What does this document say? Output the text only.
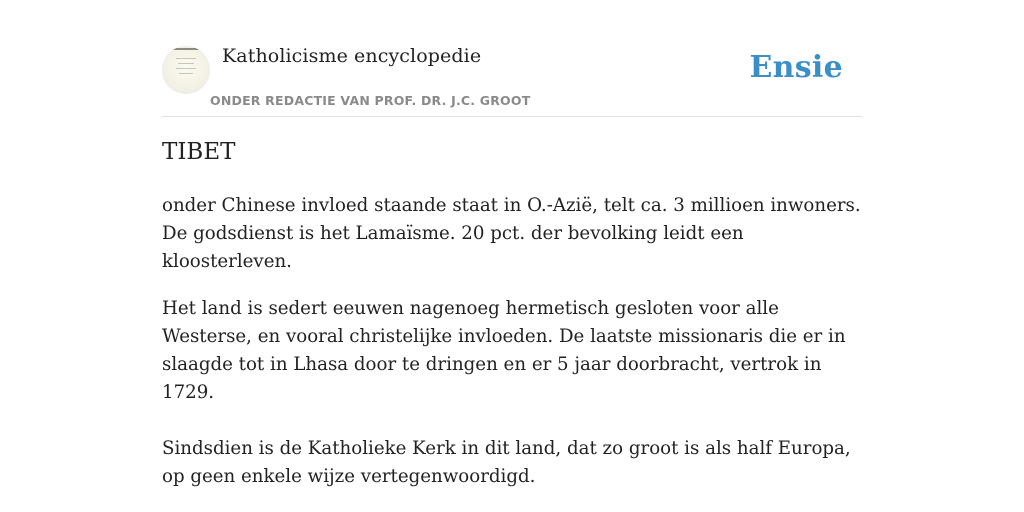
Katholicisme encyclopedie
ONDER REDACTIE VAN PROF. DR. J.C. GROOT
Ensie
TIBET

onder Chinese invloed staande staat in O.-Azië, telt ca. 3 millioen inwoners. De godsdienst is het Lamaïsme. 20 pct. der bevolking leidt een kloosterleven.

Het land is sedert eeuwen nagenoeg hermetisch gesloten voor alle Westerse, en vooral christelijke invloeden. De laatste missionaris die er in slaagde tot in Lhasa door te dringen en er 5 jaar doorbracht, vertrok in 1729.

Sindsdien is de Katholieke Kerk in dit land, dat zo groot is als half Europa, op geen enkele wijze vertegenwoordigd.
